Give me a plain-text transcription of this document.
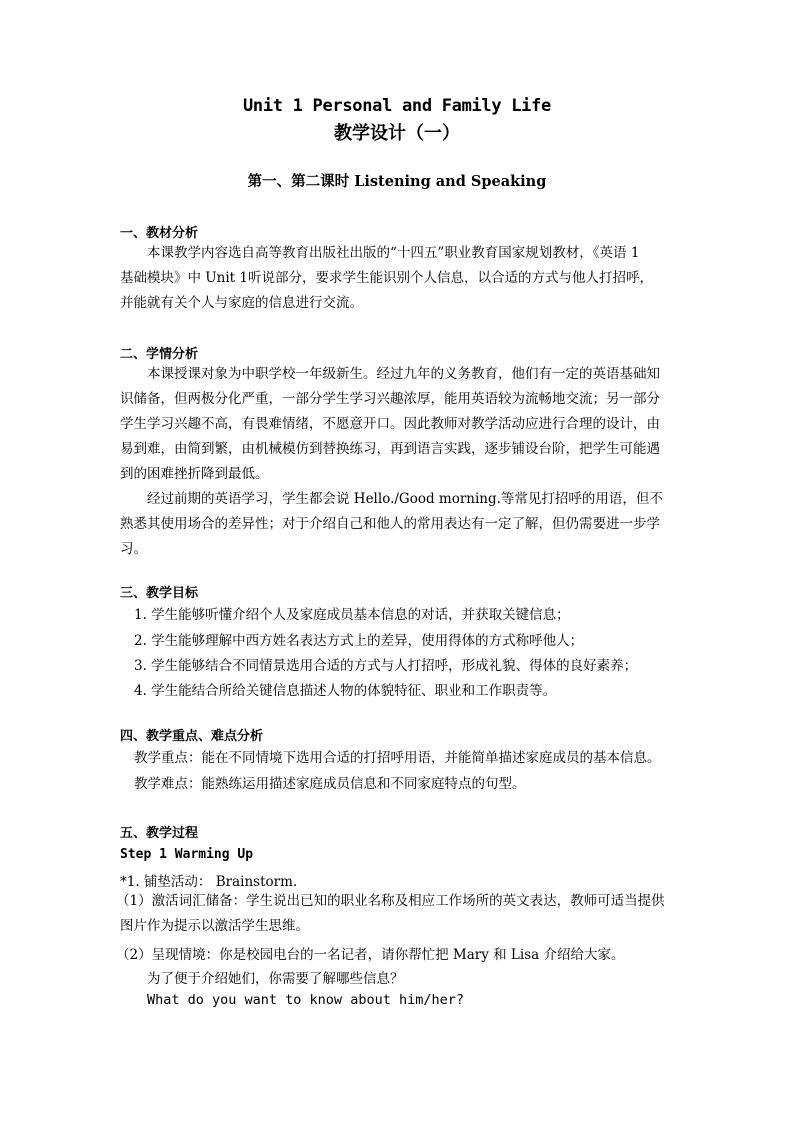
Unit 1 Personal and Family Life
教学设计（一）
第一、第二课时 Listening and Speaking
一、教材分析
本课教学内容选自高等教育出版社出版的“十四五”职业教育国家规划教材，《英语 1
基础模块》中 Unit 1听说部分，要求学生能识别个人信息，以合适的方式与他人打招呼，
并能就有关个人与家庭的信息进行交流。
二、学情分析
本课授课对象为中职学校一年级新生。经过九年的义务教育，他们有一定的英语基础知
识储备，但两极分化严重，一部分学生学习兴趣浓厚，能用英语较为流畅地交流；另一部分
学生学习兴趣不高，有畏难情绪，不愿意开口。因此教师对教学活动应进行合理的设计，由
易到难，由简到繁，由机械模仿到替换练习，再到语言实践，逐步铺设台阶，把学生可能遇
到的困难挫折降到最低。
经过前期的英语学习，学生都会说 Hello./Good morning.等常见打招呼的用语，但不
熟悉其使用场合的差异性；对于介绍自己和他人的常用表达有一定了解，但仍需要进一步学
习。
三、教学目标
1. 学生能够听懂介绍个人及家庭成员基本信息的对话，并获取关键信息；
2. 学生能够理解中西方姓名表达方式上的差异，使用得体的方式称呼他人；
3. 学生能够结合不同情景选用合适的方式与人打招呼，形成礼貌、得体的良好素养；
4. 学生能结合所给关键信息描述人物的体貌特征、职业和工作职责等。
四、教学重点、难点分析
教学重点：能在不同情境下选用合适的打招呼用语，并能简单描述家庭成员的基本信息。
教学难点：能熟练运用描述家庭成员信息和不同家庭特点的句型。
五、教学过程
Step 1 Warming Up
*1. 铺垫活动： Brainstorm.
（1）激活词汇储备：学生说出已知的职业名称及相应工作场所的英文表达，教师可适当提供
图片作为提示以激活学生思维。
（2）呈现情境：你是校园电台的一名记者，请你帮忙把 Mary 和 Lisa 介绍给大家。
为了便于介绍她们，你需要了解哪些信息？
What do you want to know about him/her?
